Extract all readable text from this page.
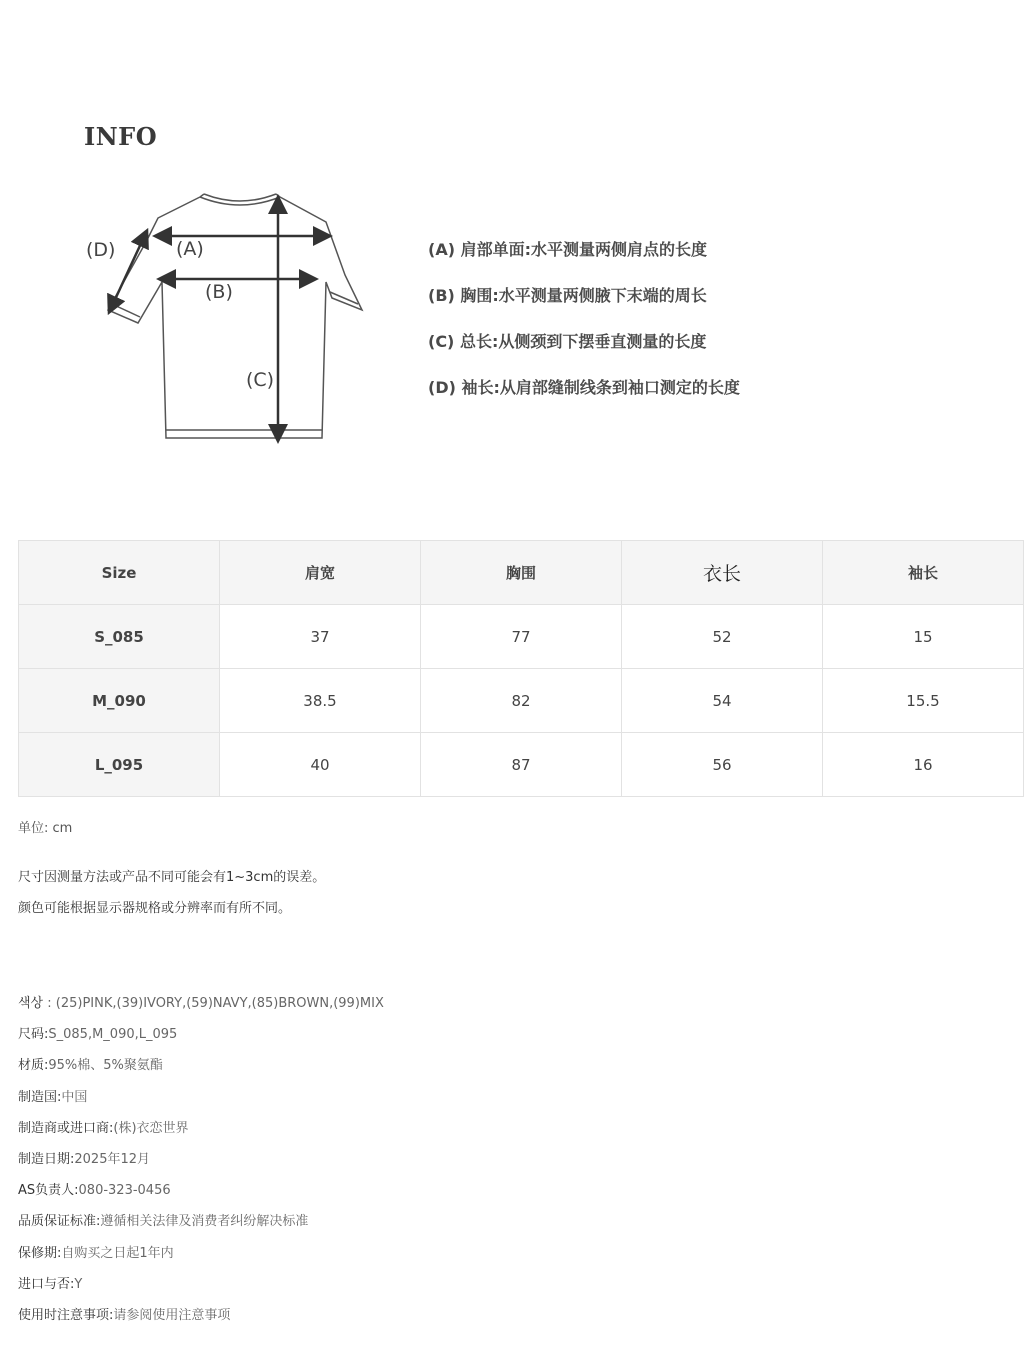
INFO
(A)
(B)
(C)
(D)	(A) 肩部单面:水平测量两侧肩点的长度
(B) 胸围:水平测量两侧腋下末端的周长
(C) 总长:从侧颈到下摆垂直测量的长度
(D) 袖长:从肩部缝制线条到袖口测定的长度
Size	肩宽	胸围	衣长	袖长
S_085	37	77	52	15
M_090	38.5	82	54	15.5
L_095	40	87	56	16
单位: cm
尺寸因测量方法或产品不同可能会有1~3cm的误差。
颜色可能根据显示器规格或分辨率而有所不同。
색상 : (25)PINK,(39)IVORY,(59)NAVY,(85)BROWN,(99)MIX
尺码:S_085,M_090,L_095
材质:95%棉、5%聚氨酯
制造国:中国
制造商或进口商:(株)衣恋世界
制造日期:2025年12月
AS负责人:080-323-0456
品质保证标准:遵循相关法律及消费者纠纷解决标准
保修期:自购买之日起1年内
进口与否:Y
使用时注意事项:请参阅使用注意事项
